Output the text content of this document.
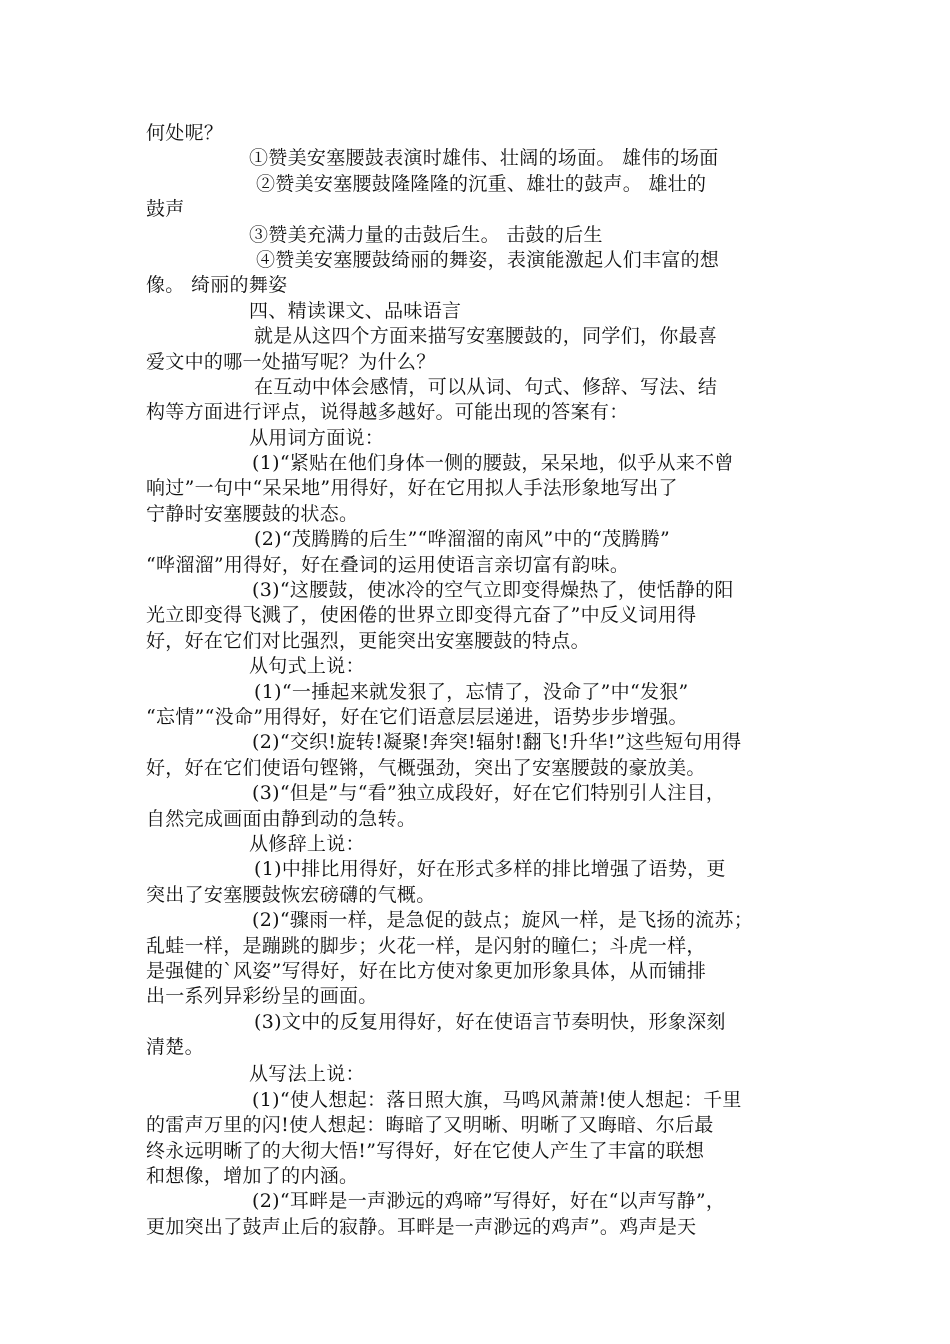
何处呢？
①赞美安塞腰鼓表演时雄伟、壮阔的场面。 雄伟的场面
②赞美安塞腰鼓隆隆隆的沉重、雄壮的鼓声。 雄壮的
鼓声
③赞美充满力量的击鼓后生。 击鼓的后生
④赞美安塞腰鼓绮丽的舞姿，表演能激起人们丰富的想
像。 绮丽的舞姿
四、精读课文、品味语言
就是从这四个方面来描写安塞腰鼓的，同学们，你最喜
爱文中的哪一处描写呢？为什么？
在互动中体会感情，可以从词、句式、修辞、写法、结
构等方面进行评点，说得越多越好。可能出现的答案有：
从用词方面说：
(1)“紧贴在他们身体一侧的腰鼓，呆呆地，似乎从来不曾
响过”一句中“呆呆地”用得好，好在它用拟人手法形象地写出了
宁静时安塞腰鼓的状态。
(2)“茂腾腾的后生”“哗溜溜的南风”中的“茂腾腾”
“哗溜溜”用得好，好在叠词的运用使语言亲切富有韵味。
(3)“这腰鼓，使冰冷的空气立即变得燥热了，使恬静的阳
光立即变得飞溅了，使困倦的世界立即变得亢奋了”中反义词用得
好，好在它们对比强烈，更能突出安塞腰鼓的特点。
从句式上说：
(1)“一捶起来就发狠了，忘情了，没命了”中“发狠”
“忘情”“没命”用得好，好在它们语意层层递进，语势步步增强。
(2)“交织!旋转!凝聚!奔突!辐射!翻飞!升华!”这些短句用得
好，好在它们使语句铿锵，气概强劲，突出了安塞腰鼓的豪放美。
(3)“但是”与“看”独立成段好，好在它们特别引人注目，
自然完成画面由静到动的急转。
从修辞上说：
(1)中排比用得好，好在形式多样的排比增强了语势，更
突出了安塞腰鼓恢宏磅礴的气概。
(2)“骤雨一样，是急促的鼓点；旋风一样，是飞扬的流苏；
乱蛙一样，是蹦跳的脚步；火花一样，是闪射的瞳仁；斗虎一样，
是强健的`风姿”写得好，好在比方使对象更加形象具体，从而铺排
出一系列异彩纷呈的画面。
(3)文中的反复用得好，好在使语言节奏明快，形象深刻
清楚。
从写法上说：
(1)“使人想起：落日照大旗，马鸣风萧萧!使人想起：千里
的雷声万里的闪!使人想起：晦暗了又明晰、明晰了又晦暗、尔后最
终永远明晰了的大彻大悟!”写得好，好在它使人产生了丰富的联想
和想像，增加了的内涵。
(2)“耳畔是一声渺远的鸡啼”写得好，好在“以声写静”，
更加突出了鼓声止后的寂静。耳畔是一声渺远的鸡声”。鸡声是天
